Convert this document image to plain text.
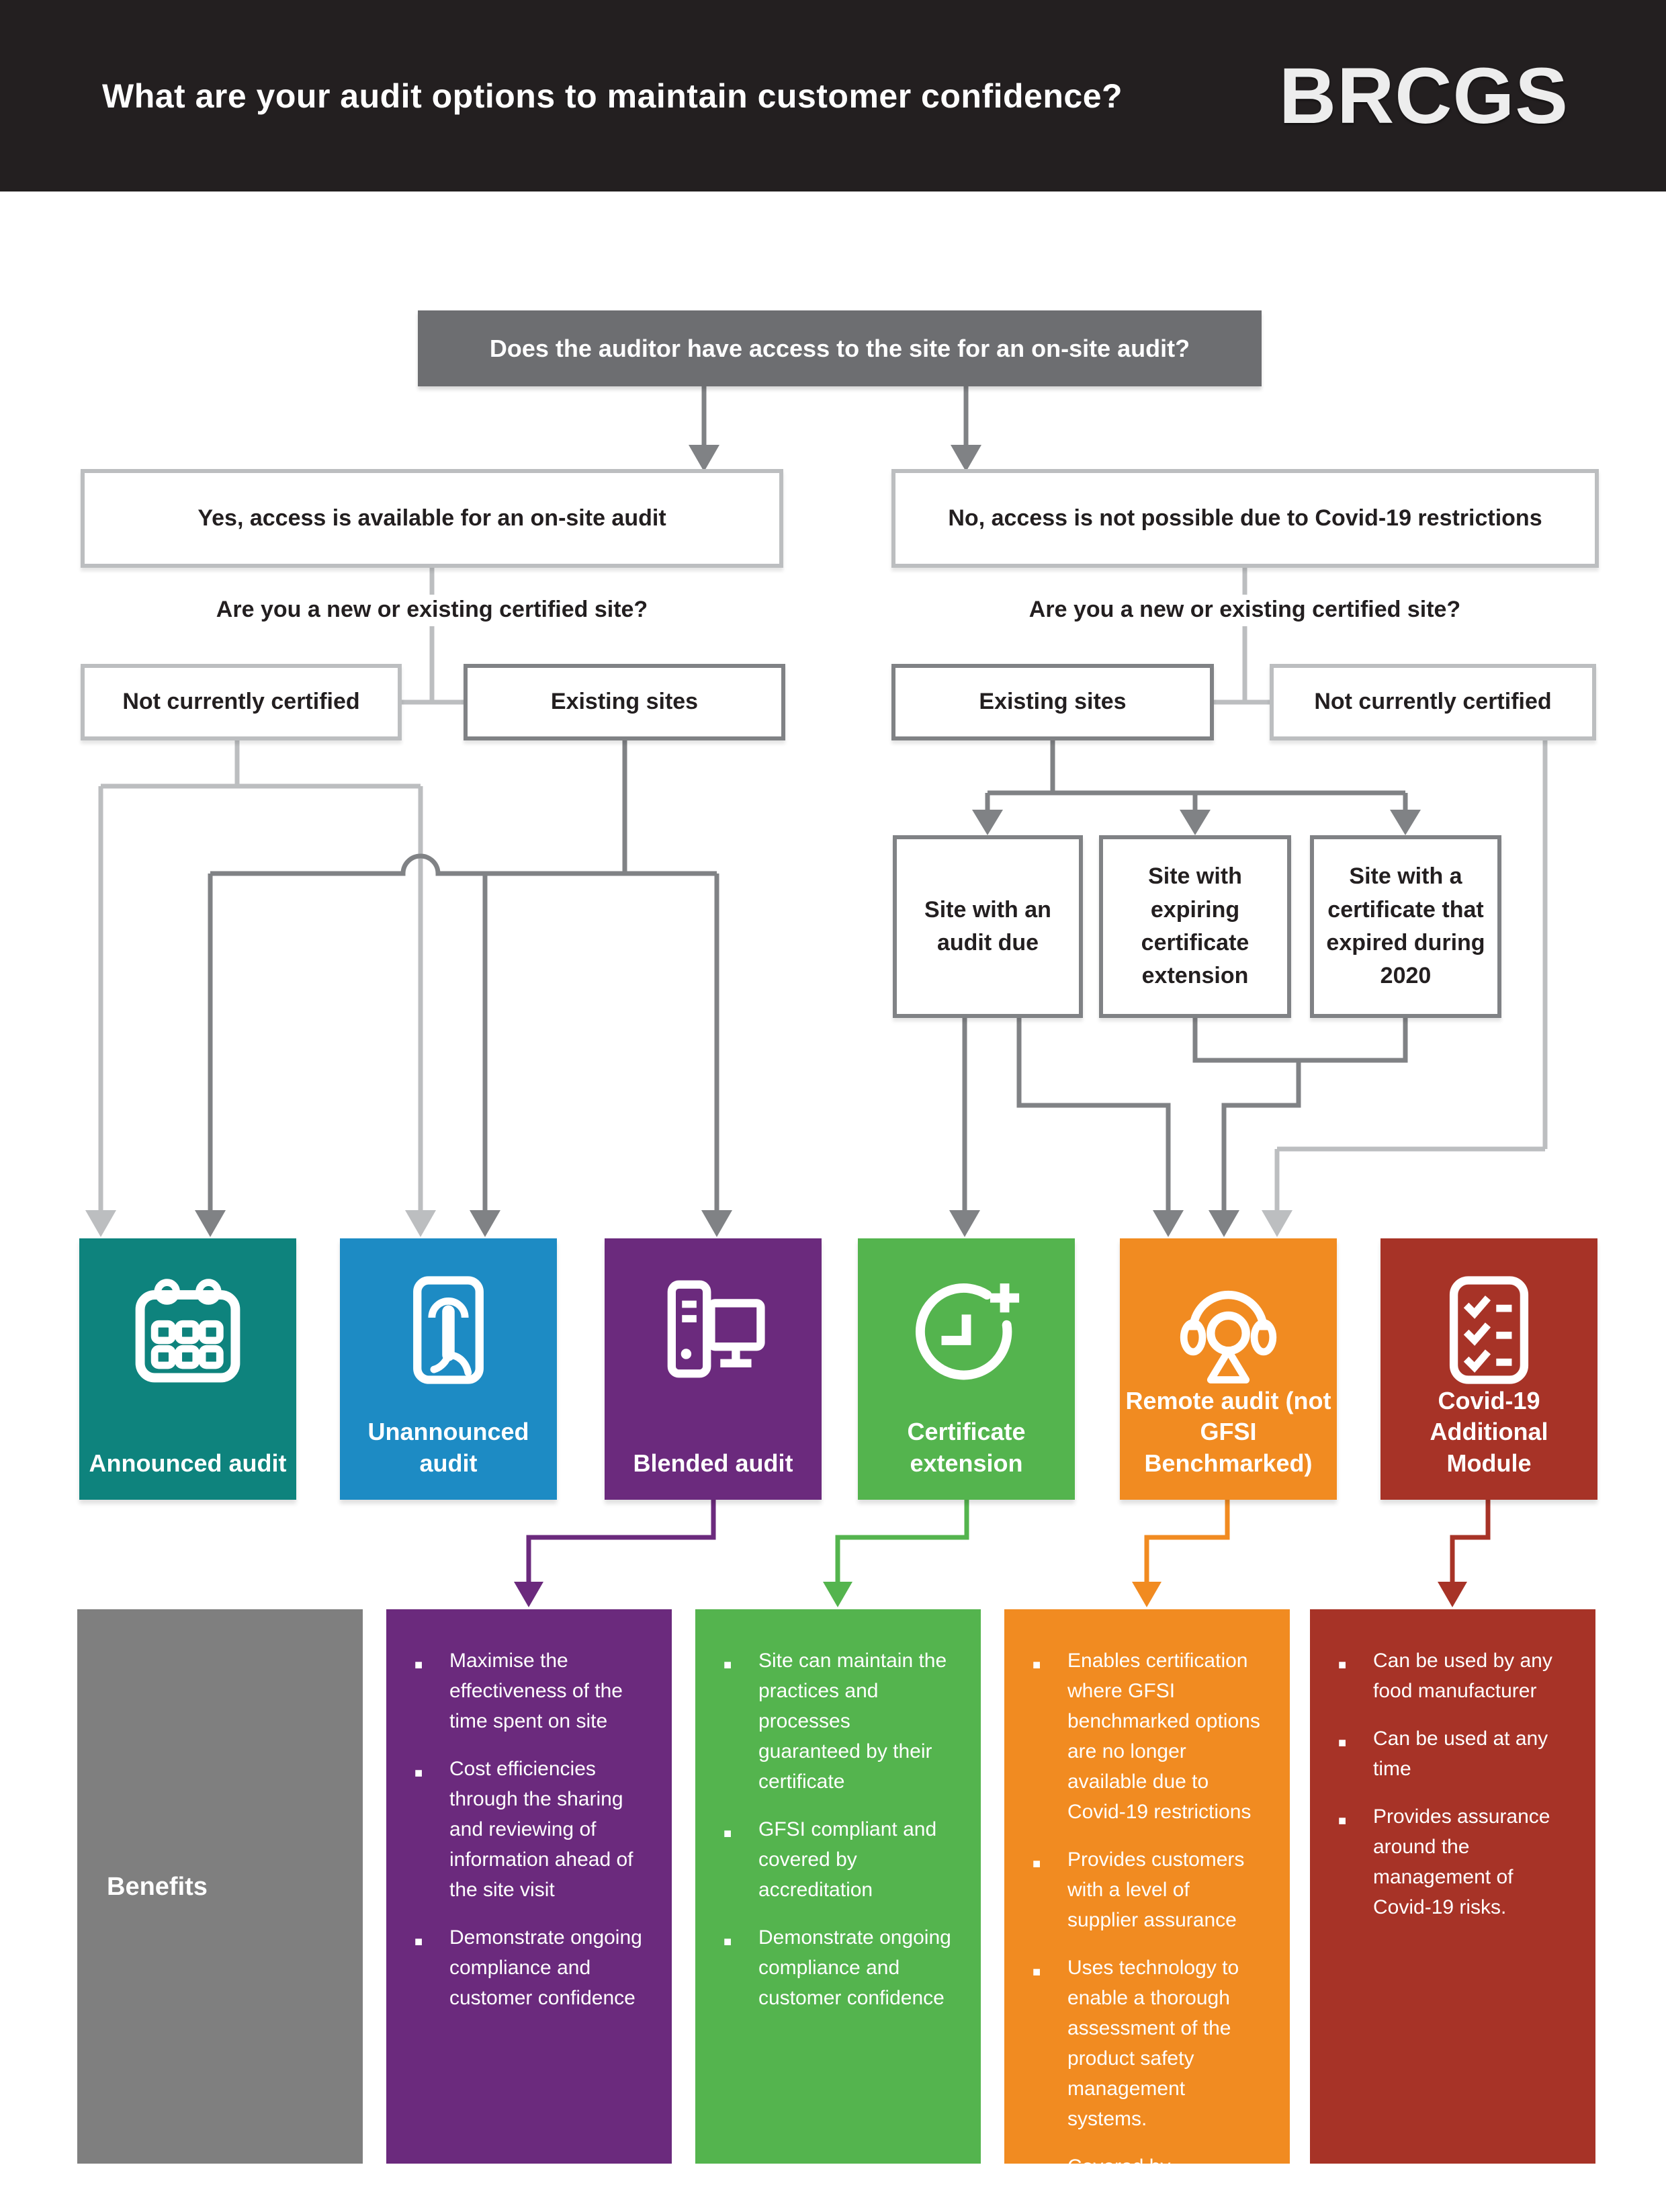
What are your audit options to maintain customer confidence? BRCGS
Does the auditor have access to the site for an on-site audit?
Yes, access is available for an on-site audit	No, access is not possible due to Covid-19 restrictions
Are you a new or existing certified site?	Are you a new or existing certified site?
Not currently certified	Existing sites	Existing sites	Not currently certified
Site with an audit due
Site with expiring certificate extension
Site with a certificate that expired during 2020
Announced audit
Unannounced audit	Blended audit
Certificate extension
Remote audit (not GFSI Benchmarked)
Covid-19 Additional Module
Benefits
■ Maximise the effectiveness of the time spent on site
■ Cost efficiencies through the sharing and reviewing of information ahead of the site visit
■ Demonstrate ongoing compliance and customer confidence
■ Site can maintain the practices and processes guaranteed by their certificate
■ GFSI compliant and covered by accreditation
■ Demonstrate ongoing compliance and customer confidence
■ Enables certification where GFSI benchmarked options are no longer available due to Covid-19 restrictions
■ Provides customers with a level of supplier assurance
■ Uses technology to enable a thorough assessment of the product safety management systems.
■ Covered by accreditation
■ Can be used by any food manufacturer
■ Can be used at any time
■ Provides assurance around the management of Covid-19 risks.
